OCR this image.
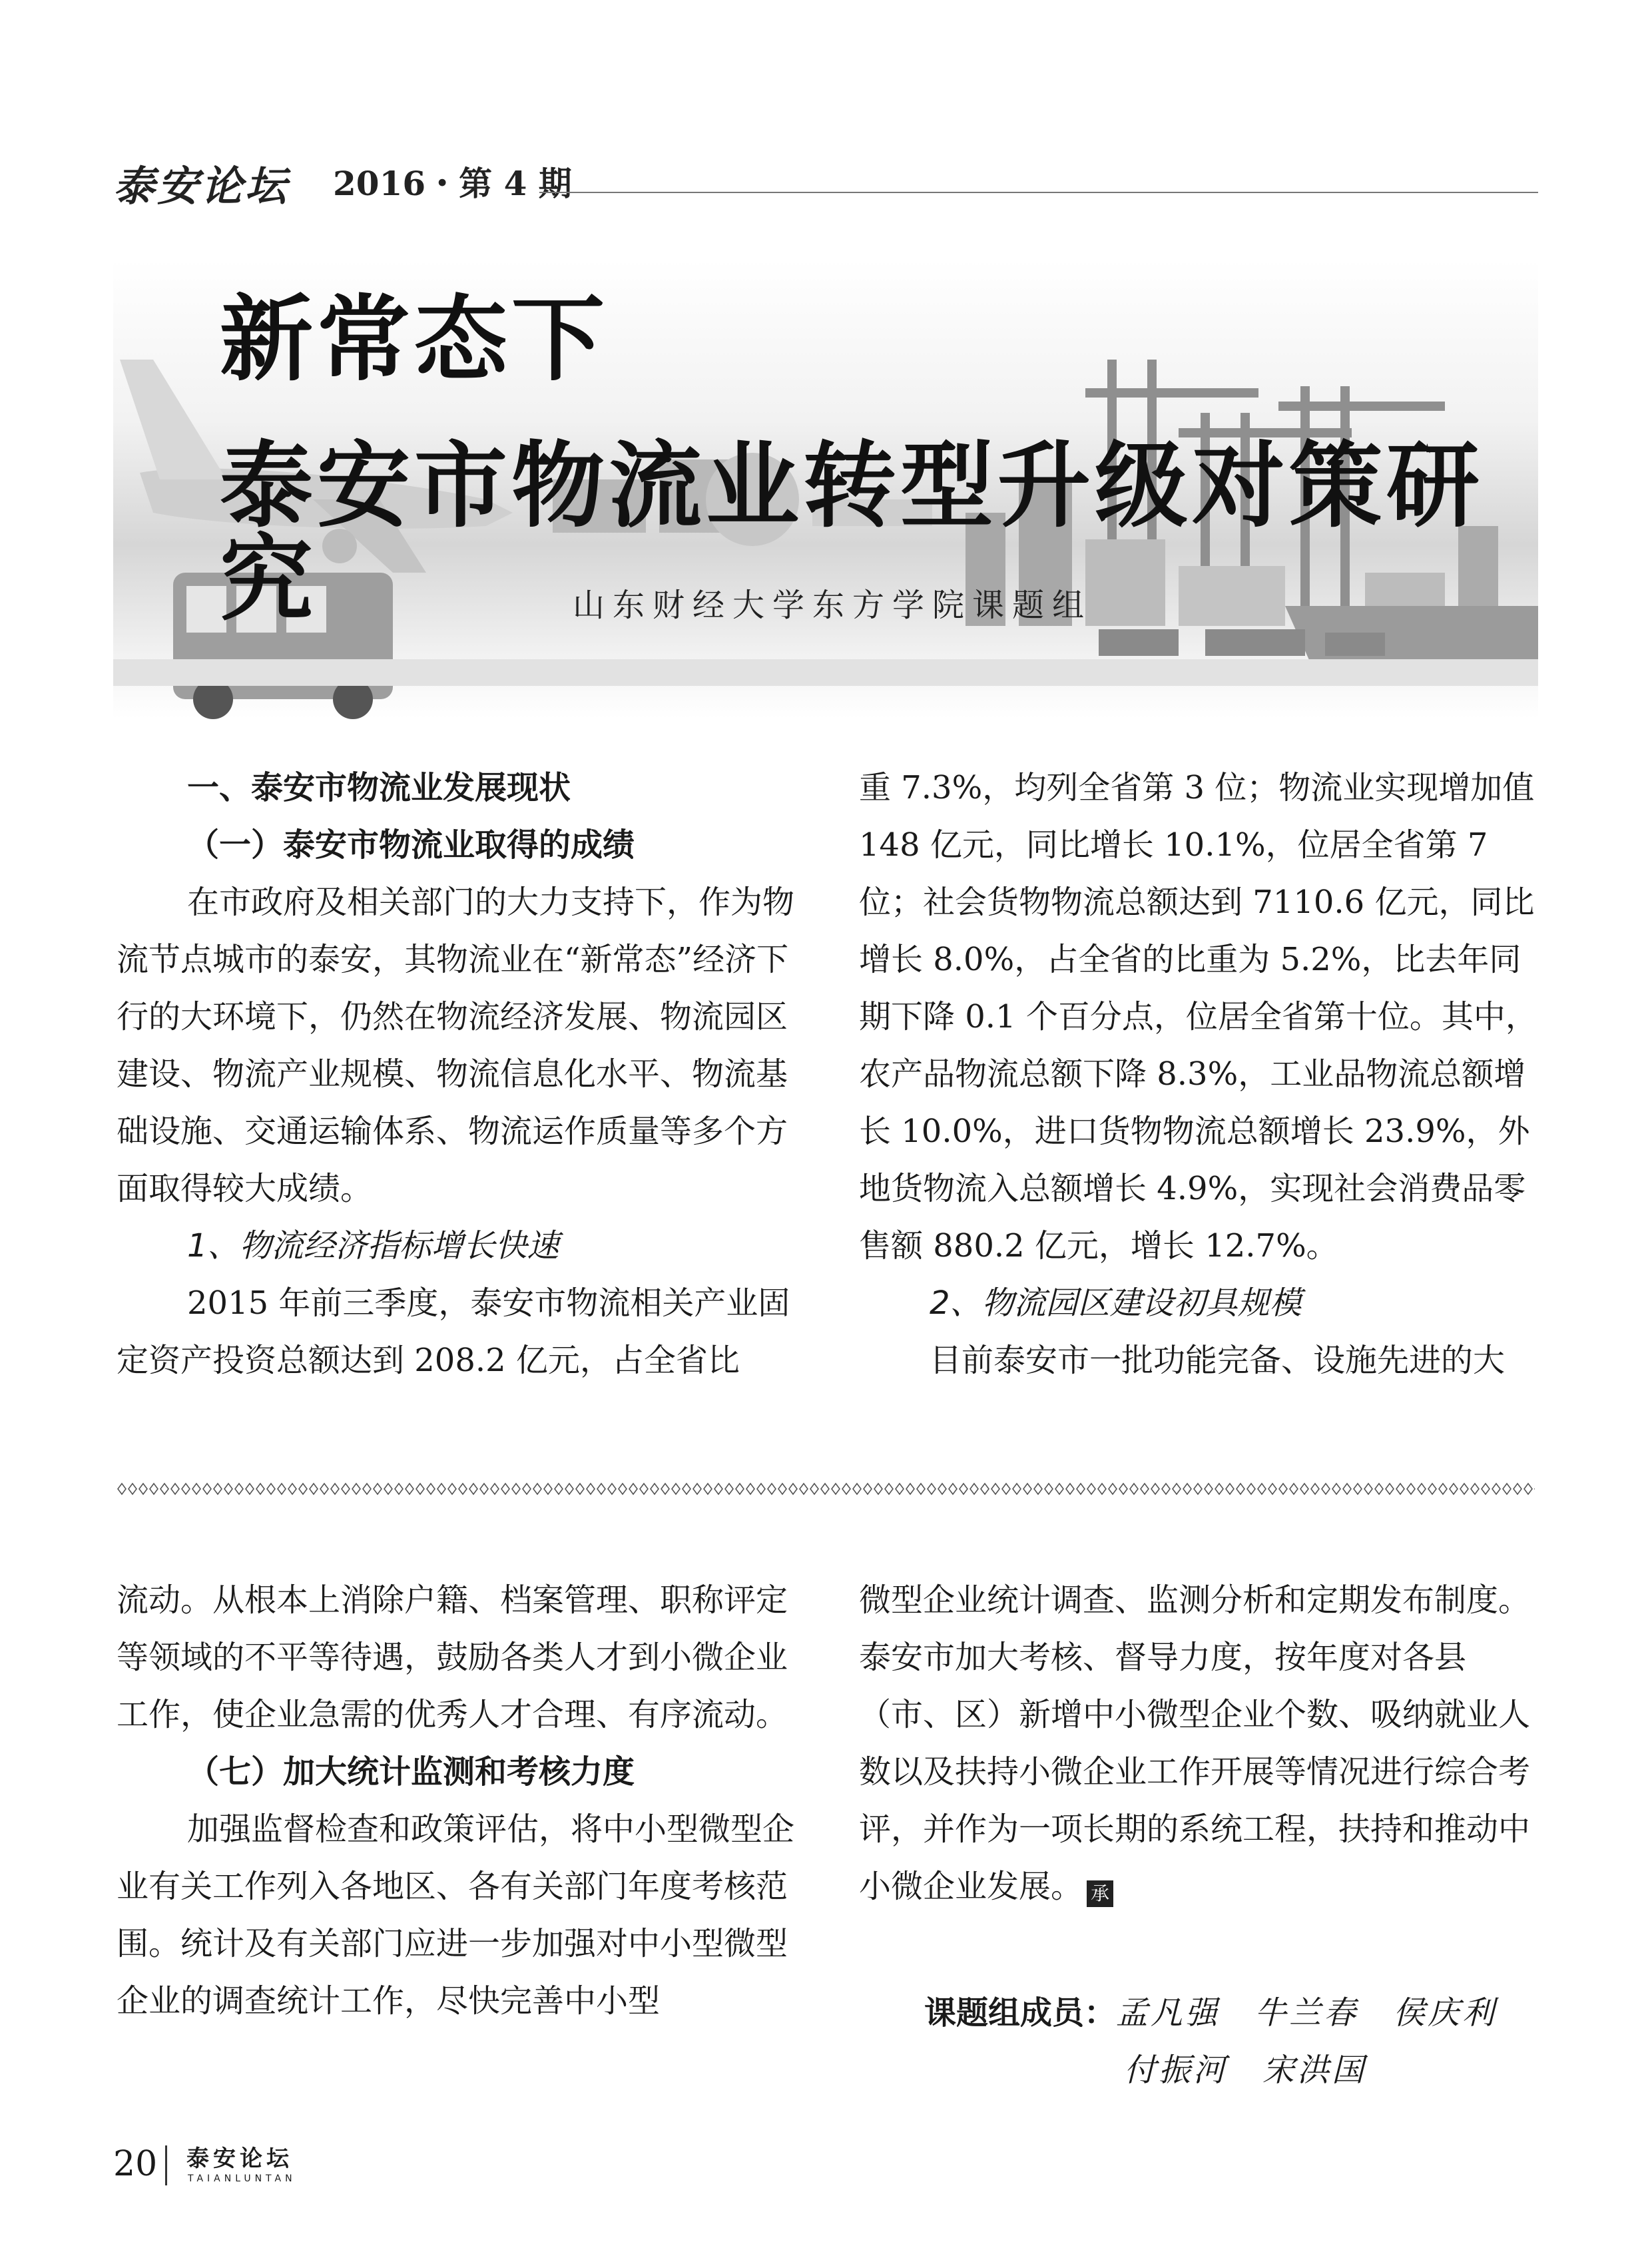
泰安论坛 2016・第 4 期
新常态下
泰安市物流业转型升级对策研究	山东财经大学东方学院课题组

一、泰安市物流业发展现状

（一）泰安市物流业取得的成绩

在市政府及相关部门的大力支持下，作为物流节点城市的泰安，其物流业在“新常态”经济下行的大环境下，仍然在物流经济发展、物流园区建设、物流产业规模、物流信息化水平、物流基础设施、交通运输体系、物流运作质量等多个方面取得较大成绩。

1、物流经济指标增长快速

2015 年前三季度，泰安市物流相关产业固定资产投资总额达到 208.2 亿元，占全省比

重 7.3%，均列全省第 3 位；物流业实现增加值 148 亿元，同比增长 10.1%，位居全省第 7 位；社会货物物流总额达到 7110.6 亿元，同比增长 8.0%，占全省的比重为 5.2%，比去年同期下降 0.1 个百分点，位居全省第十位。其中，农产品物流总额下降 8.3%，工业品物流总额增长 10.0%，进口货物物流总额增长 23.9%，外地货物流入总额增长 4.9%，实现社会消费品零售额 880.2 亿元，增长 12.7%。

2、物流园区建设初具规模

目前泰安市一批功能完备、设施先进的大

流动。从根本上消除户籍、档案管理、职称评定等领域的不平等待遇，鼓励各类人才到小微企业工作，使企业急需的优秀人才合理、有序流动。

（七）加大统计监测和考核力度

加强监督检查和政策评估，将中小型微型企业有关工作列入各地区、各有关部门年度考核范围。统计及有关部门应进一步加强对中小型微型企业的调查统计工作，尽快完善中小型

微型企业统计调查、监测分析和定期发布制度。泰安市加大考核、督导力度，按年度对各县（市、区）新增中小微型企业个数、吸纳就业人数以及扶持小微企业工作开展等情况进行综合考评，并作为一项长期的系统工程，扶持和推动中小微企业发展。 承

课题组成员：孟凡强　牛兰春　侯庆利
付振河　宋洪国
20 泰安论坛
TAIANLUNTAN
